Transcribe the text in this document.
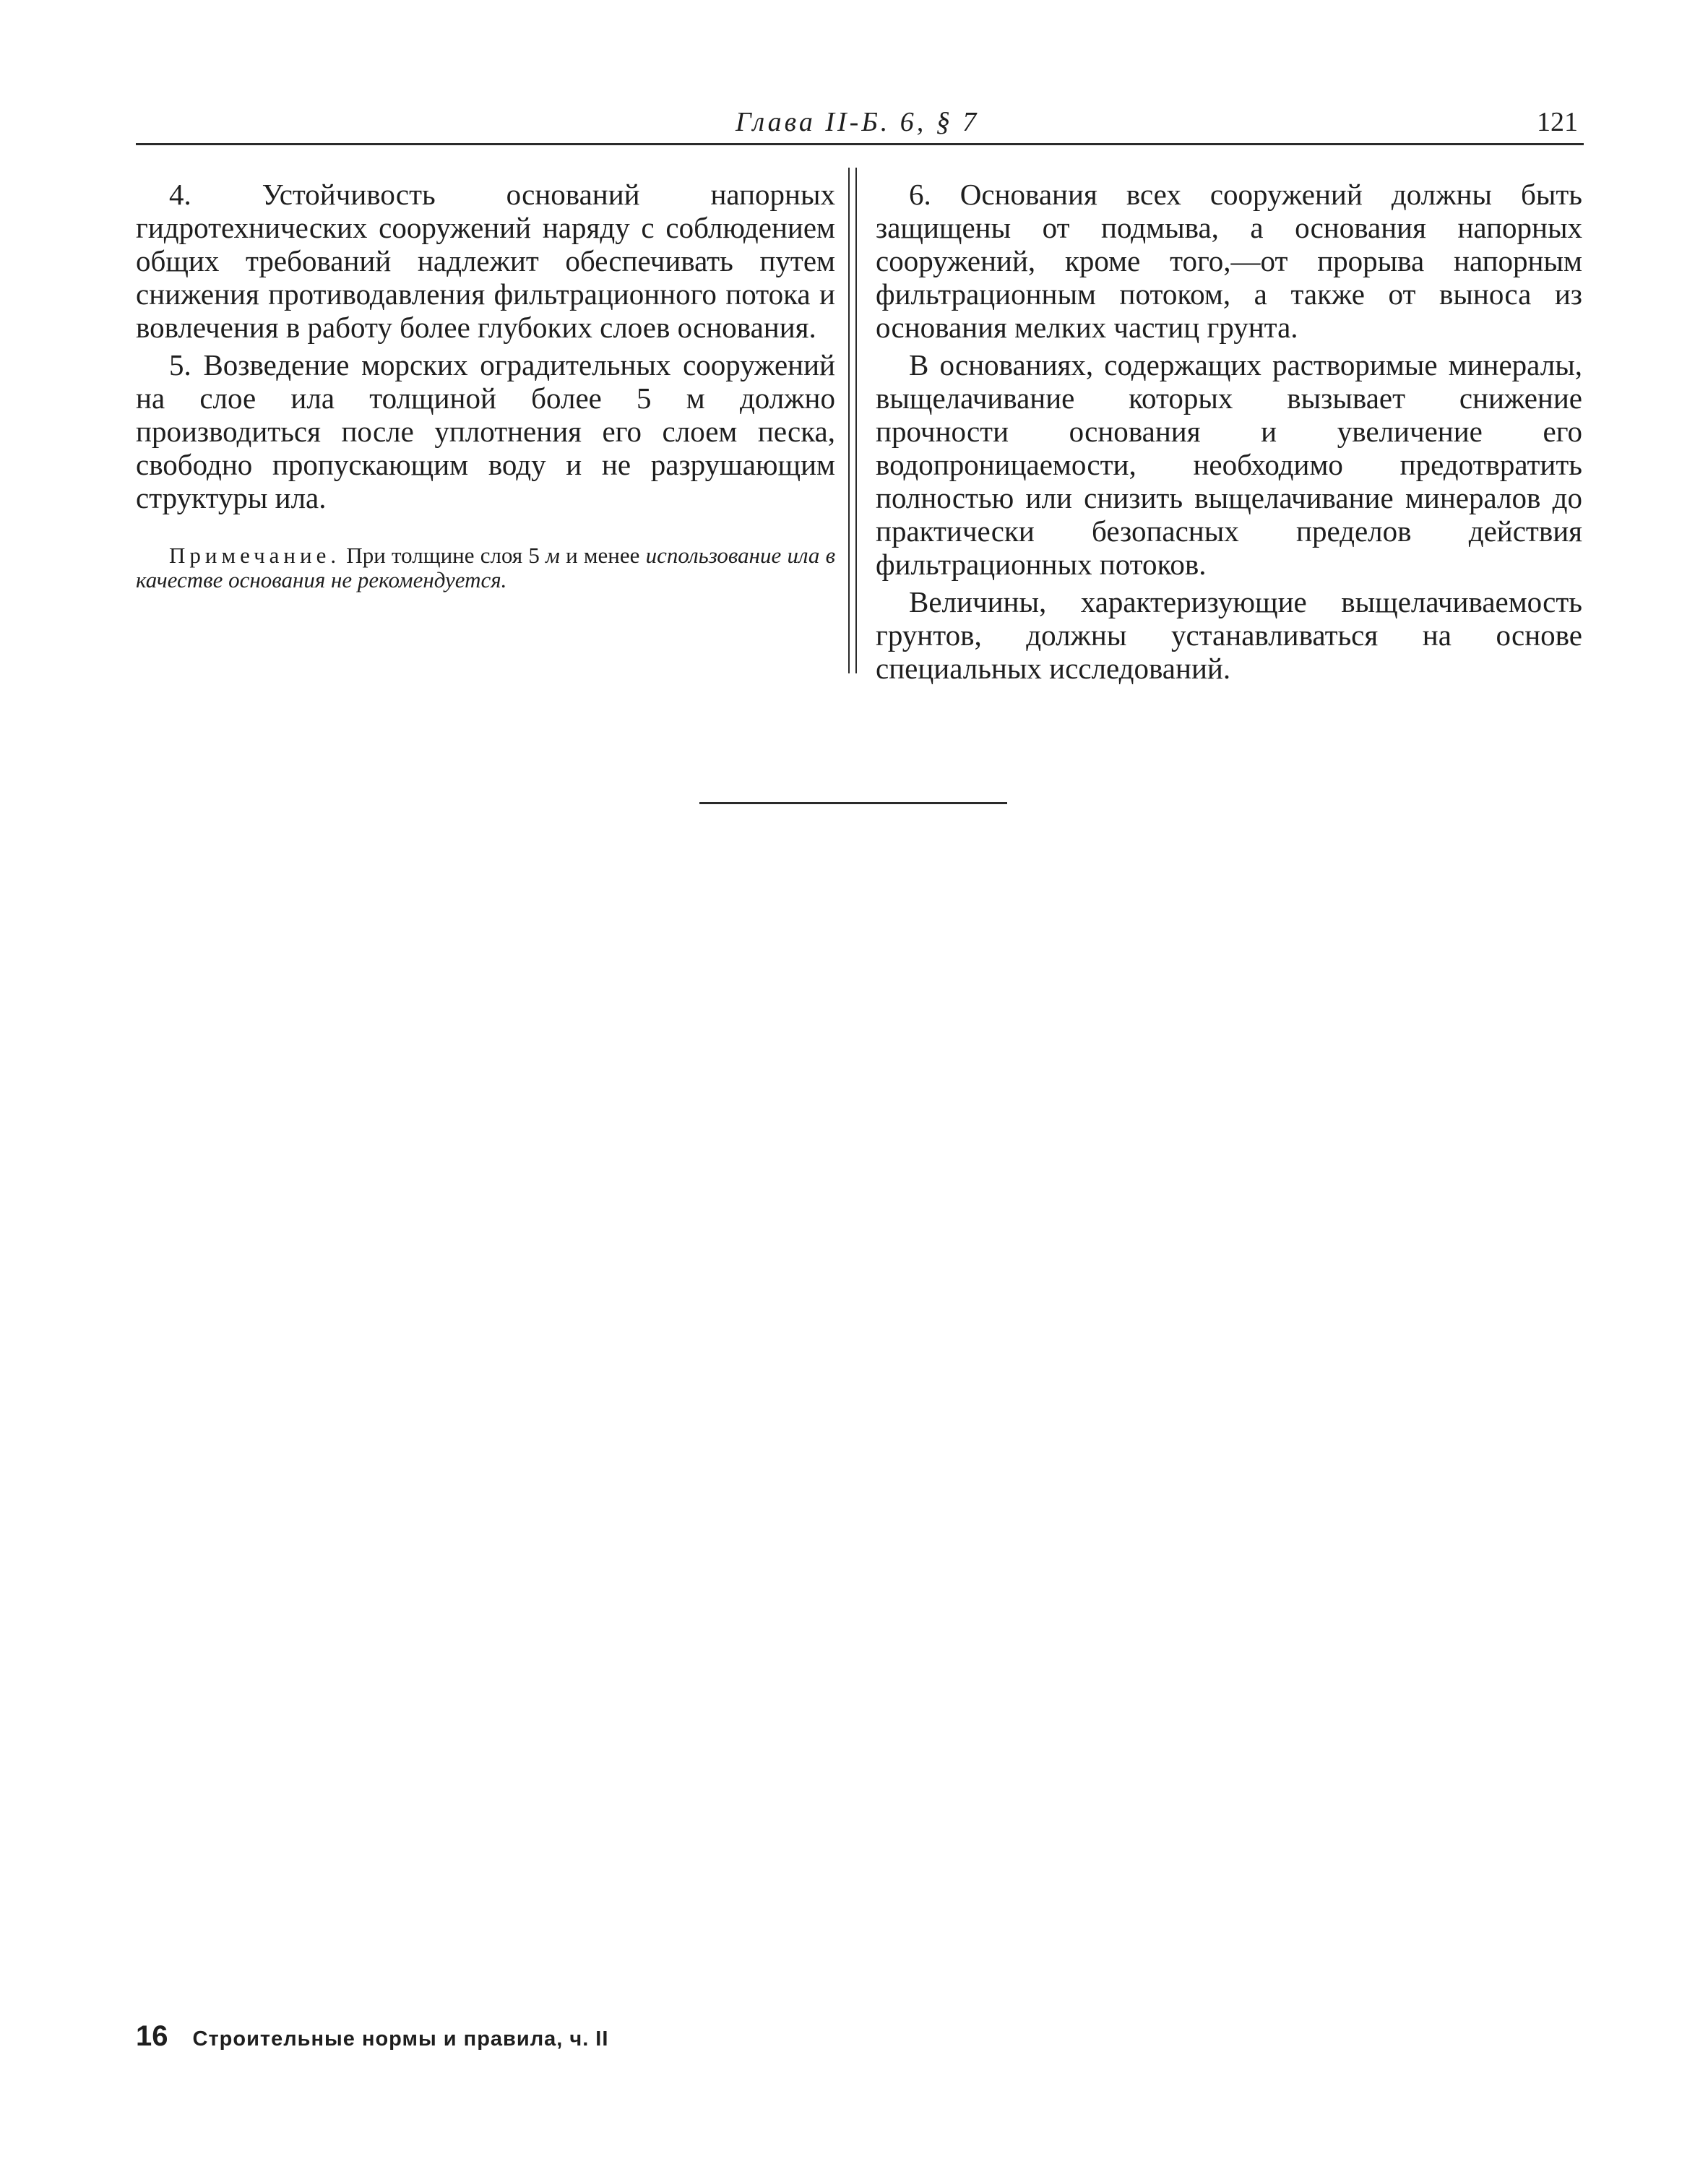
Глава II-Б. 6, § 7	121

4. Устойчивость оснований напорных гидротехнических сооружений наряду с соблюдением общих требований надлежит обеспечивать путем снижения противодавления фильтрационного потока и вовлечения в работу более глубоких слоев основания.

5. Возведение морских оградительных сооружений на слое ила толщиной более 5 м должно производиться после уплотнения его слоем песка, свободно пропускающим воду и не разрушающим структуры ила.

Примечание. При толщине слоя 5 м и менее использование ила в качестве основания не рекомендуется.

6. Основания всех сооружений должны быть защищены от подмыва, а основания напорных сооружений, кроме того,—от прорыва напорным фильтрационным потоком, а также от выноса из основания мелких частиц грунта.

В основаниях, содержащих растворимые минералы, выщелачивание которых вызывает снижение прочности основания и увеличение его водопроницаемости, необходимо предотвратить полностью или снизить выщелачивание минералов до практически безопасных пределов действия фильтрационных потоков.

Величины, характеризующие выщелачиваемость грунтов, должны устанавливаться на основе специальных исследований.

16 Строительные нормы и правила, ч. II
